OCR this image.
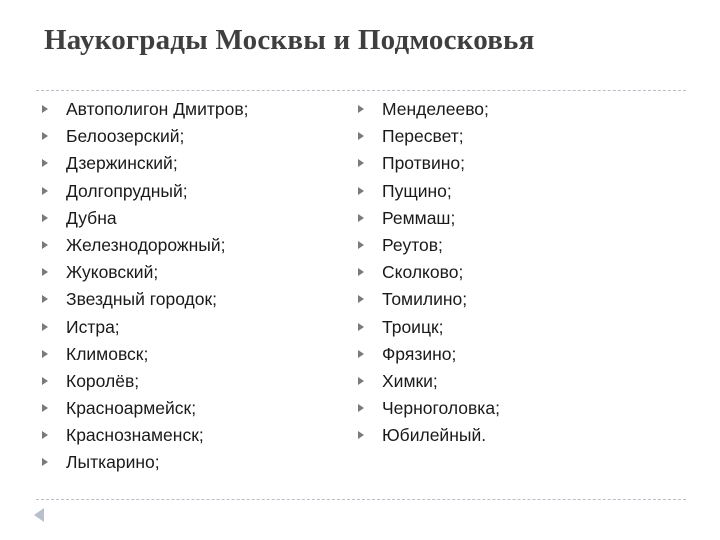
Наукограды Москвы и Подмосковья
Автополигон Дмитров;
Белоозерский;
Дзержинский;
Долгопрудный;
Дубна
Железнодорожный;
Жуковский;
Звездный городок;
Истра;
Климовск;
Королёв;
Красноармейск;
Краснознаменск;
Лыткарино;
Менделеево;
Пересвет;
Протвино;
Пущино;
Реммаш;
Реутов;
Сколково;
Томилино;
Троицк;
Фрязино;
Химки;
Черноголовка;
Юбилейный.
